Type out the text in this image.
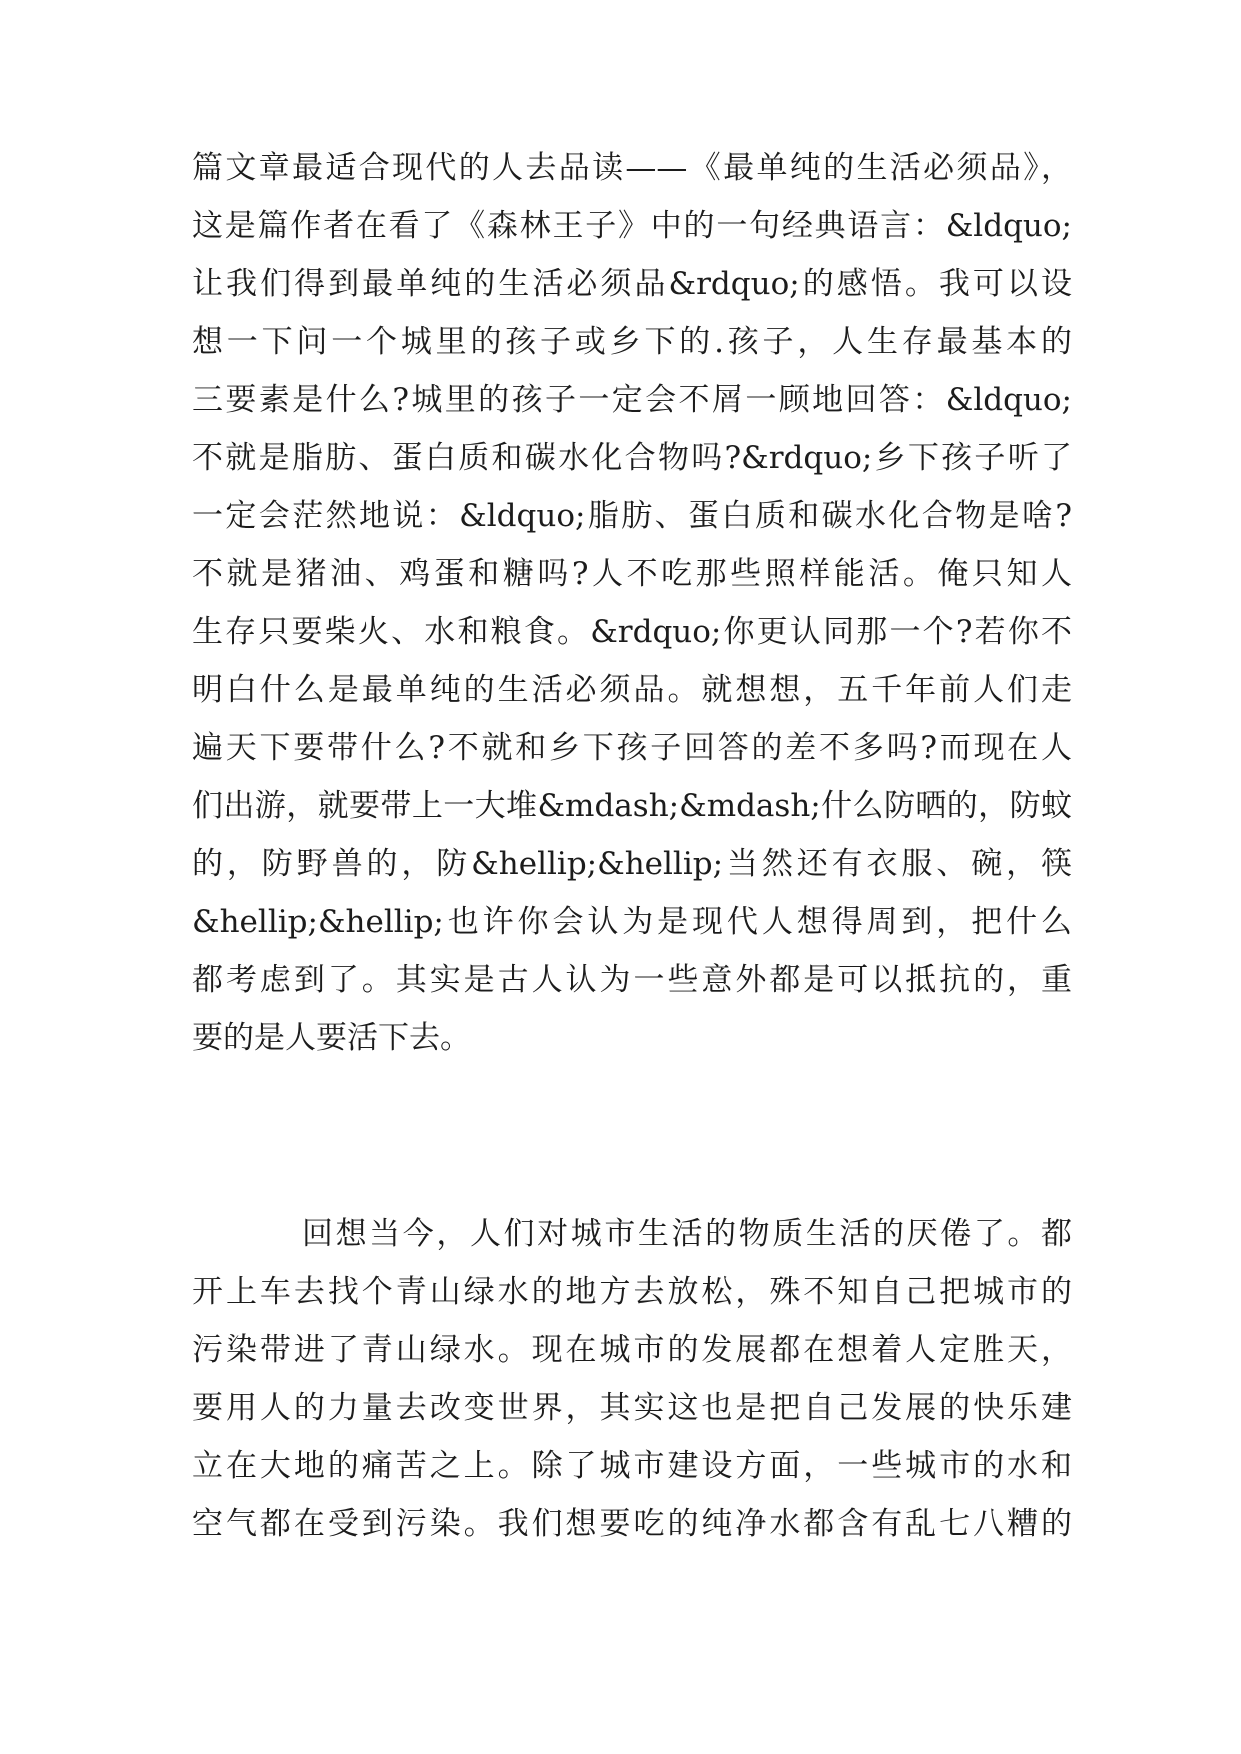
篇文章最适合现代的人去品读——《最单纯的生活必须品》，
这是篇作者在看了《森林王子》中的一句经典语言：&ldquo;
让我们得到最单纯的生活必须品&rdquo;的感悟。我可以设
想一下问一个城里的孩子或乡下的.孩子，人生存最基本的
三要素是什么?城里的孩子一定会不屑一顾地回答：&ldquo;
不就是脂肪、蛋白质和碳水化合物吗?&rdquo;乡下孩子听了
一定会茫然地说：&ldquo;脂肪、蛋白质和碳水化合物是啥?
不就是猪油、鸡蛋和糖吗?人不吃那些照样能活。俺只知人
生存只要柴火、水和粮食。&rdquo;你更认同那一个?若你不
明白什么是最单纯的生活必须品。就想想，五千年前人们走
遍天下要带什么?不就和乡下孩子回答的差不多吗?而现在人
们出游，就要带上一大堆&mdash;&mdash;什么防晒的，防蚊
的，防野兽的，防&hellip;&hellip;当然还有衣服、碗，筷
&hellip;&hellip;也许你会认为是现代人想得周到，把什么
都考虑到了。其实是古人认为一些意外都是可以抵抗的，重
要的是人要活下去。
回想当今，人们对城市生活的物质生活的厌倦了。都
开上车去找个青山绿水的地方去放松，殊不知自己把城市的
污染带进了青山绿水。现在城市的发展都在想着人定胜天，
要用人的力量去改变世界，其实这也是把自己发展的快乐建
立在大地的痛苦之上。除了城市建设方面，一些城市的水和
空气都在受到污染。我们想要吃的纯净水都含有乱七八糟的
